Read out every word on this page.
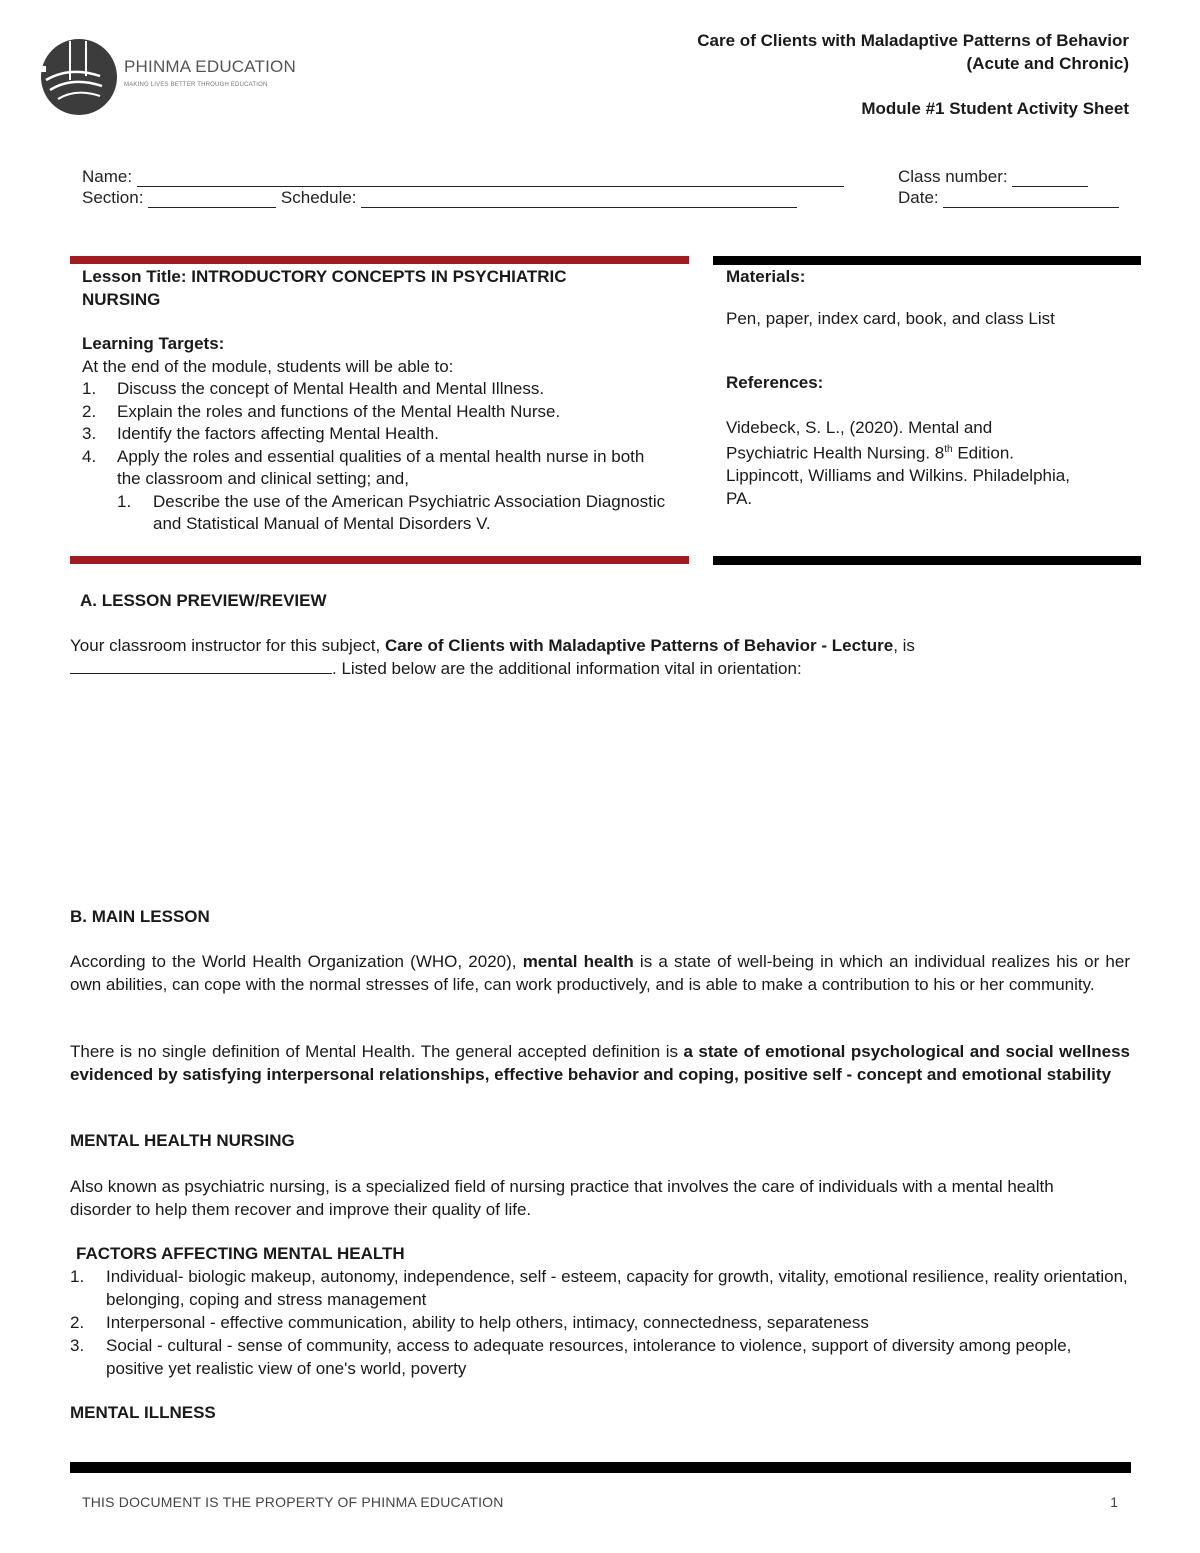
PHINMA EDUCATION
MAKING LIVES BETTER THROUGH EDUCATION
Care of Clients with Maladaptive Patterns of Behavior
(Acute and Chronic)
Module #1 Student Activity Sheet
Name:	Class number:
Section:	Schedule:	Date:
Lesson Title: INTRODUCTORY CONCEPTS IN PSYCHIATRIC
NURSING
Learning Targets:
At the end of the module, students will be able to:
1. Discuss the concept of Mental Health and Mental Illness.
2. Explain the roles and functions of the Mental Health Nurse.
3. Identify the factors affecting Mental Health.
4. Apply the roles and essential qualities of a mental health nurse in both the classroom and clinical setting; and,
1. Describe the use of the American Psychiatric Association Diagnostic and Statistical Manual of Mental Disorders V.
Materials:
Pen, paper, index card, book, and class List
References:
Videbeck, S. L., (2020). Mental and
Psychiatric Health Nursing. 8th Edition.
Lippincott, Williams and Wilkins. Philadelphia,
PA.
A. LESSON PREVIEW/REVIEW

Your classroom instructor for this subject, Care of Clients with Maladaptive Patterns of Behavior - Lecture, is

. Listed below are the additional information vital in orientation:

B. MAIN LESSON
According to the World Health Organization (WHO, 2020), mental health is a state of well-being in which an individual realizes his or her own abilities, can cope with the normal stresses of life, can work productively, and is able to make a contribution to his or her community.
There is no single definition of Mental Health. The general accepted definition is a state of emotional psychological and social wellness evidenced by satisfying interpersonal relationships, effective behavior and coping, positive self - concept and emotional stability
MENTAL HEALTH NURSING
Also known as psychiatric nursing, is a specialized field of nursing practice that involves the care of individuals with a mental health disorder to help them recover and improve their quality of life.
FACTORS AFFECTING MENTAL HEALTH
1. Individual- biologic makeup, autonomy, independence, self - esteem, capacity for growth, vitality, emotional resilience, reality orientation, belonging, coping and stress management
2. Interpersonal - effective communication, ability to help others, intimacy, connectedness, separateness
3. Social - cultural - sense of community, access to adequate resources, intolerance to violence, support of diversity among people, positive yet realistic view of one's world, poverty
MENTAL ILLNESS
THIS DOCUMENT IS THE PROPERTY OF PHINMA EDUCATION	1
